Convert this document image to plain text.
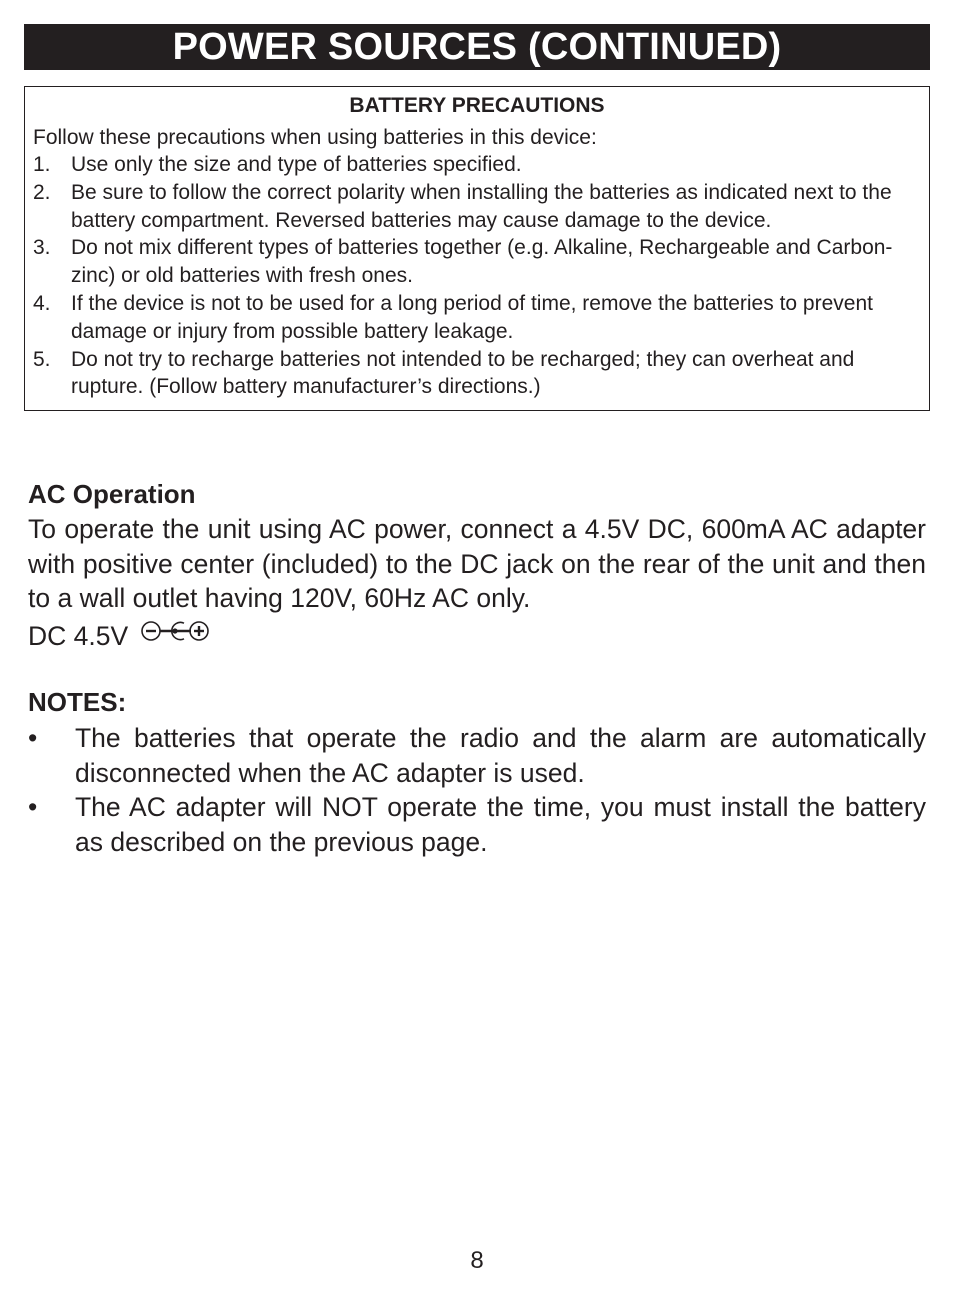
POWER SOURCES (CONTINUED)
BATTERY PRECAUTIONS
Follow these precautions when using batteries in this device:
1. Use only the size and type of batteries specified.
2. Be sure to follow the correct polarity when installing the batteries as indicated next to the battery compartment. Reversed batteries may cause damage to the device.
3. Do not mix different types of batteries together (e.g. Alkaline, Rechargeable and Carbon-zinc) or old batteries with fresh ones.
4. If the device is not to be used for a long period of time, remove the batteries to prevent damage or injury from possible battery leakage.
5. Do not try to recharge batteries not intended to be recharged; they can overheat and rupture. (Follow battery manufacturer’s directions.)
AC Operation

To operate the unit using AC power, connect a 4.5V DC, 600mA AC adapter with positive center (included) to the DC jack on the rear of the unit and then to a wall outlet having 120V, 60Hz AC only.

DC 4.5V
NOTES:
• The batteries that operate the radio and the alarm are automatically disconnected when the AC adapter is used.
• The AC adapter will NOT operate the time, you must install the battery as described on the previous page.
8
